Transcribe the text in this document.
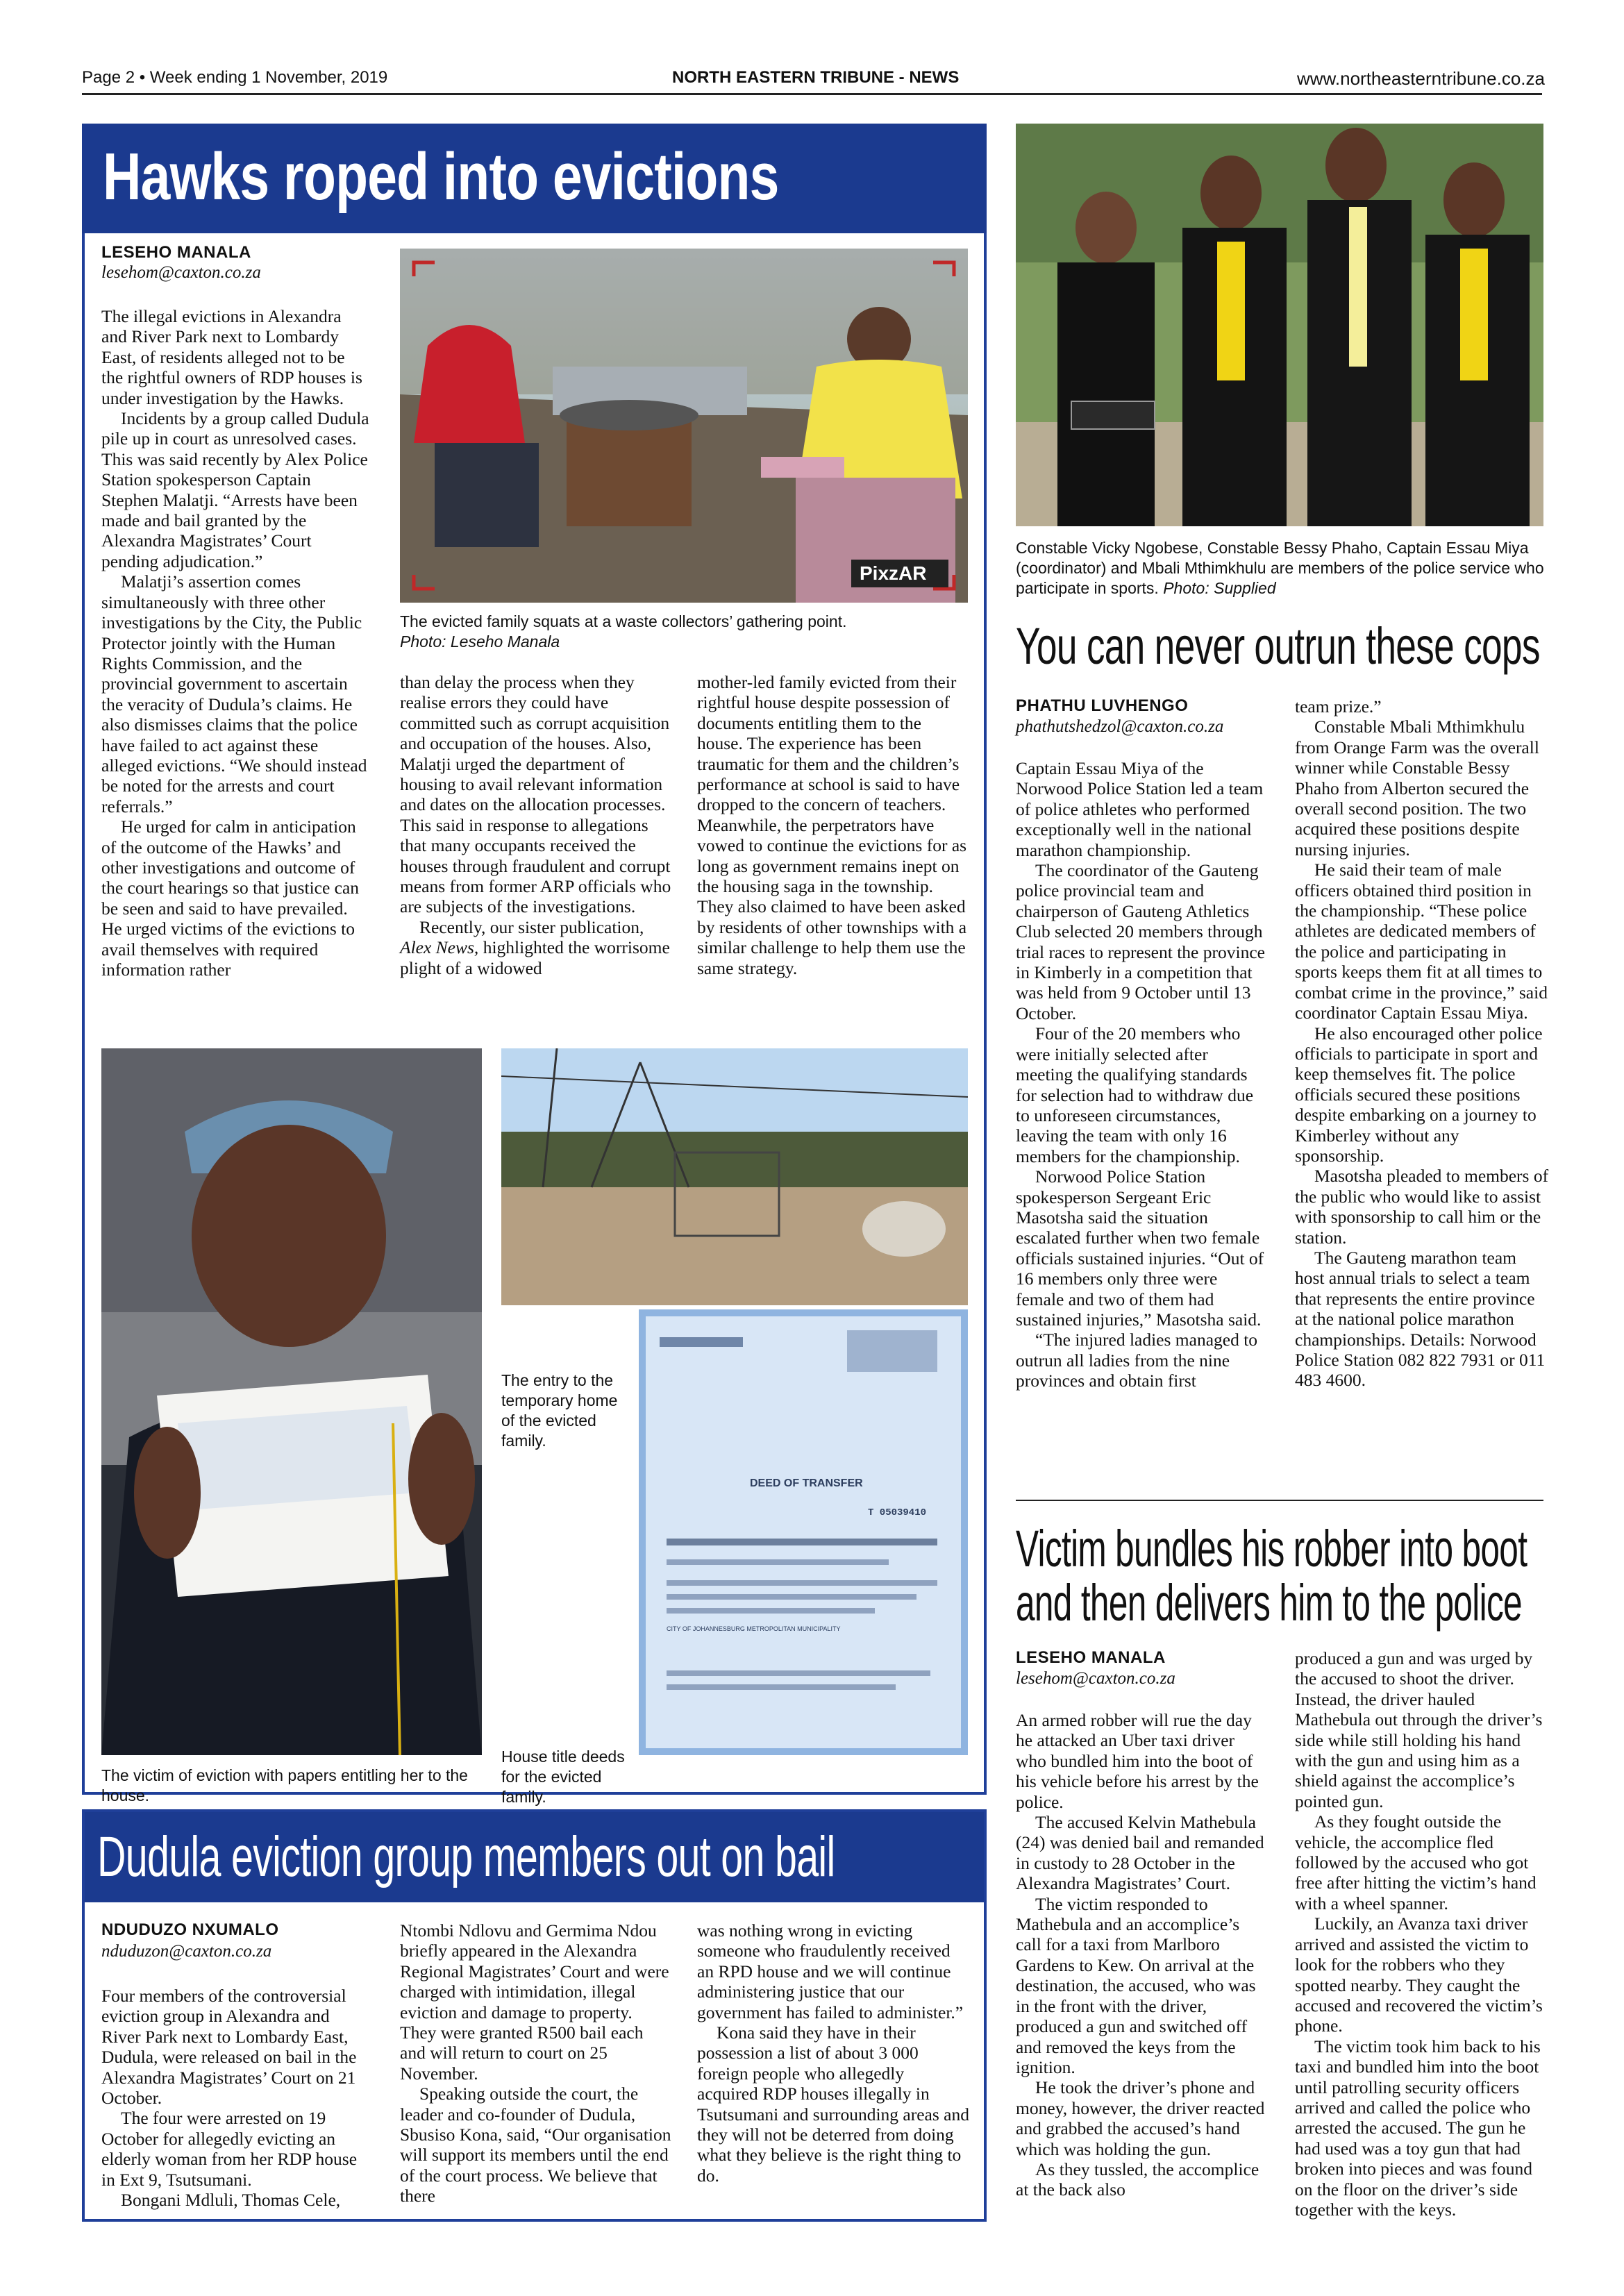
Page 2 • Week ending 1 November, 2019	NORTH EASTERN TRIBUNE - NEWS	www.northeasterntribune.co.za
Hawks roped into evictions
LESEHO MANALA
lesehom@caxton.co.za

The illegal evictions in Alexandra and River Park next to Lombardy East, of residents alleged not to be the rightful owners of RDP houses is under investigation by the Hawks.

Incidents by a group called Dudula pile up in court as unresolved cases. This was said recently by Alex Police Station spokesperson Captain Stephen Malatji. “Arrests have been made and bail granted by the Alexandra Magistrates’ Court pending adjudication.”

Malatji’s assertion comes simultaneously with three other investigations by the City, the Public Protector jointly with the Human Rights Commission, and the provincial government to ascertain the veracity of Dudula’s claims. He also dismisses claims that the police have failed to act against these alleged evictions. “We should instead be noted for the arrests and court referrals.”

He urged for calm in anticipation of the outcome of the Hawks’ and other investigations and outcome of the court hearings so that justice can be seen and said to have prevailed. He urged victims of the evictions to avail themselves with required information rather

PixzAR
The evicted family squats at a waste collectors’ gathering point.
Photo: Leseho Manala

than delay the process when they realise errors they could have committed such as corrupt acquisition and occupation of the houses. Also, Malatji urged the department of housing to avail relevant information and dates on the allocation processes. This said in response to allegations that many occupants received the houses through fraudulent and corrupt means from former ARP officials who are subjects of the investigations.

Recently, our sister publication, Alex News, highlighted the worrisome plight of a widowed

mother-led family evicted from their rightful house despite possession of documents entitling them to the house. The experience has been traumatic for them and the children’s performance at school is said to have dropped to the concern of teachers. Meanwhile, the perpetrators have vowed to continue the evictions for as long as government remains inept on the housing saga in the township. They also claimed to have been asked by residents of other townships with a similar challenge to help them use the same strategy.

The victim of eviction with papers entitling her to the house.
The entry to the temporary home of the evicted family.
DEED OF TRANSFER
T 05039410
CITY OF JOHANNESBURG METROPOLITAN MUNICIPALITY
House title deeds for the evicted family.
Dudula eviction group members out on bail
NDUDUZO NXUMALO
nduduzon@caxton.co.za

Four members of the controversial eviction group in Alexandra and River Park next to Lombardy East, Dudula, were released on bail in the Alexandra Magistrates’ Court on 21 October.

The four were arrested on 19 October for allegedly evicting an elderly woman from her RDP house in Ext 9, Tsutsumani.

Bongani Mdluli, Thomas Cele,

Ntombi Ndlovu and Germima Ndou briefly appeared in the Alexandra Regional Magistrates’ Court and were charged with intimidation, illegal eviction and damage to property. They were granted R500 bail each and will return to court on 25 November.

Speaking outside the court, the leader and co-founder of Dudula, Sbusiso Kona, said, “Our organisation will support its members until the end of the court process. We believe that there

was nothing wrong in evicting someone who fraudulently received an RPD house and we will continue administering justice that our government has failed to administer.”

Kona said they have in their possession a list of about 3 000 foreign people who allegedly acquired RDP houses illegally in Tsutsumani and surrounding areas and they will not be deterred from doing what they believe is the right thing to do.

Constable Vicky Ngobese, Constable Bessy Phaho, Captain Essau Miya (coordinator) and Mbali Mthimkhulu are members of the police service who participate in sports. Photo: Supplied
You can never outrun these cops
PHATHU LUVHENGO
phathutshedzol@caxton.co.za

Captain Essau Miya of the Norwood Police Station led a team of police athletes who performed exceptionally well in the national marathon championship.

The coordinator of the Gauteng police provincial team and chairperson of Gauteng Athletics Club selected 20 members through trial races to represent the province in Kimberly in a competition that was held from 9 October until 13 October.

Four of the 20 members who were initially selected after meeting the qualifying standards for selection had to withdraw due to unforeseen circumstances, leaving the team with only 16 members for the championship.

Norwood Police Station spokesperson Sergeant Eric Masotsha said the situation escalated further when two female officials sustained injuries. “Out of 16 members only three were female and two of them had sustained injuries,” Masotsha said.

“The injured ladies managed to outrun all ladies from the nine provinces and obtain first

team prize.”

Constable Mbali Mthimkhulu from Orange Farm was the overall winner while Constable Bessy Phaho from Alberton secured the overall second position. The two acquired these positions despite nursing injuries.

He said their team of male officers obtained third position in the championship. “These police athletes are dedicated members of the police and participating in sports keeps them fit at all times to combat crime in the province,” said coordinator Captain Essau Miya.

He also encouraged other police officials to participate in sport and keep themselves fit. The police officials secured these positions despite embarking on a journey to Kimberley without any sponsorship.

Masotsha pleaded to members of the public who would like to assist with sponsorship to call him or the station.

The Gauteng marathon team host annual trials to select a team that represents the entire province at the national police marathon championships. Details: Norwood Police Station 082 822 7931 or 011 483 4600.

Victim bundles his robber into boot
and then delivers him to the police
LESEHO MANALA
lesehom@caxton.co.za

An armed robber will rue the day he attacked an Uber taxi driver who bundled him into the boot of his vehicle before his arrest by the police.

The accused Kelvin Mathebula (24) was denied bail and remanded in custody to 28 October in the Alexandra Magistrates’ Court.

The victim responded to Mathebula and an accomplice’s call for a taxi from Marlboro Gardens to Kew. On arrival at the destination, the accused, who was in the front with the driver, produced a gun and switched off and removed the keys from the ignition.

He took the driver’s phone and money, however, the driver reacted and grabbed the accused’s hand which was holding the gun.

As they tussled, the accomplice at the back also

produced a gun and was urged by the accused to shoot the driver. Instead, the driver hauled Mathebula out through the driver’s side while still holding his hand with the gun and using him as a shield against the accomplice’s pointed gun.

As they fought outside the vehicle, the accomplice fled followed by the accused who got free after hitting the victim’s hand with a wheel spanner.

Luckily, an Avanza taxi driver arrived and assisted the victim to look for the robbers who they spotted nearby. They caught the accused and recovered the victim’s phone.

The victim took him back to his taxi and bundled him into the boot until patrolling security officers arrived and called the police who arrested the accused. The gun he had used was a toy gun that had broken into pieces and was found on the floor on the driver’s side together with the keys.
